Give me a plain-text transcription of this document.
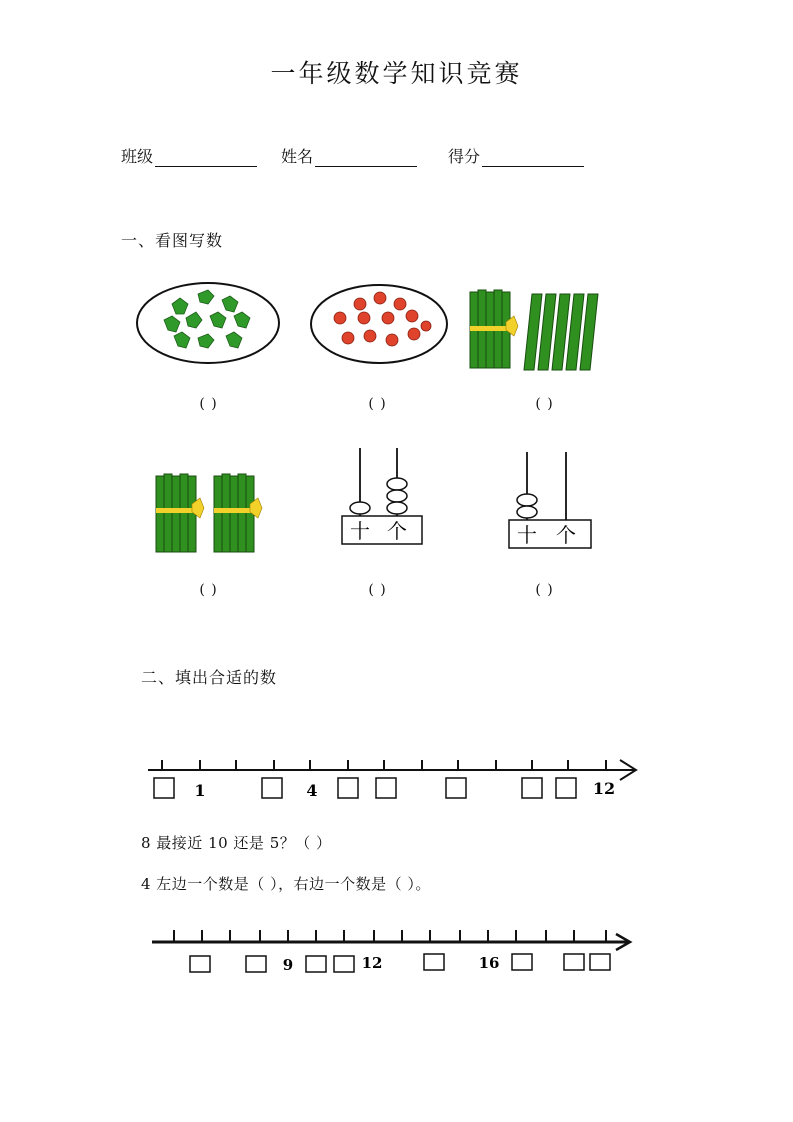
一年级数学知识竞赛
班级	姓名	得分
一、看图写数
( )	( )	( )
十 个	十 个
( )	( )	( )
二、填出合适的数
1	4	12
8 最接近 10 还是 5？（ ）
4 左边一个数是（ ），右边一个数是（ ）。
9	12	16
